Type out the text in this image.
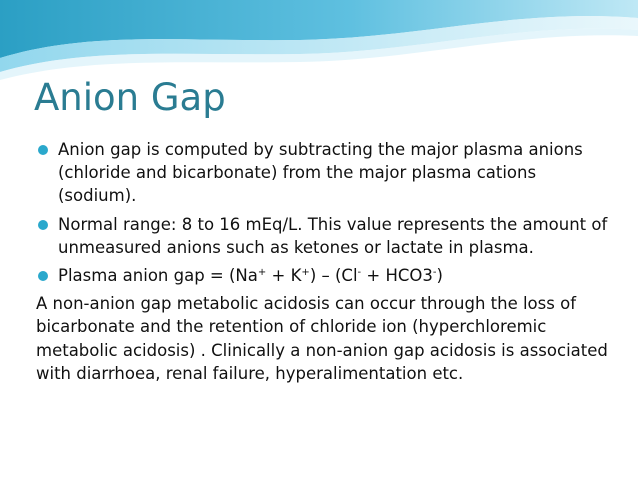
Anion Gap
Anion gap is computed by subtracting the major plasma anions (chloride and bicarbonate) from the major plasma cations (sodium).
Normal range: 8 to 16 mEq/L. This value represents the amount of unmeasured anions such as ketones or lactate in plasma.
Plasma anion gap = (Na+ + K+) – (Cl- + HCO3-)

A non-anion gap metabolic acidosis can occur through the loss of bicarbonate and the retention of chloride ion (hyperchloremic metabolic acidosis) . Clinically a non-anion gap acidosis is associated with diarrhoea, renal failure, hyperalimentation etc.
